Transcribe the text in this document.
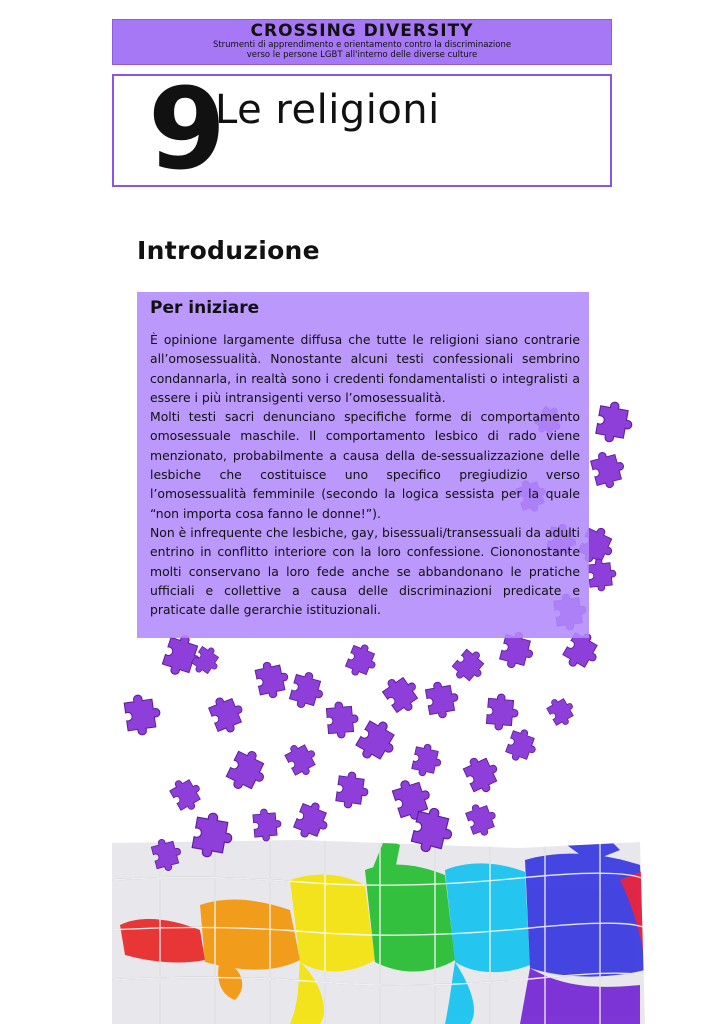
CROSSING DIVERSITY
Strumenti di apprendimento e orientamento contro la discriminazione
verso le persone LGBT all'interno delle diverse culture
9
Le religioni
Introduzione
Per iniziare

È opinione largamente diffusa che tutte le religioni siano contrarie all’omosessualità. Nonostante alcuni testi confessionali sembrino condannarla, in realtà sono i credenti fondamentalisti o integralisti a essere i più intransigenti verso l’omosessualità.

Molti testi sacri denunciano specifiche forme di comportamento omosessuale maschile. Il comportamento lesbico di rado viene menzionato, probabilmente a causa della de-sessualizzazione delle lesbiche che costituisce uno specifico pregiudizio verso l’omosessualità femminile (secondo la logica sessista per la quale “non importa cosa fanno le donne!”).

Non è infrequente che lesbiche, gay, bisessuali/transessuali da adulti entrino in conflitto interiore con la loro confessione. Ciononostante molti conservano la loro fede anche se abbandonano le pratiche ufficiali e collettive a causa delle discriminazioni predicate e praticate dalle gerarchie istituzionali.
